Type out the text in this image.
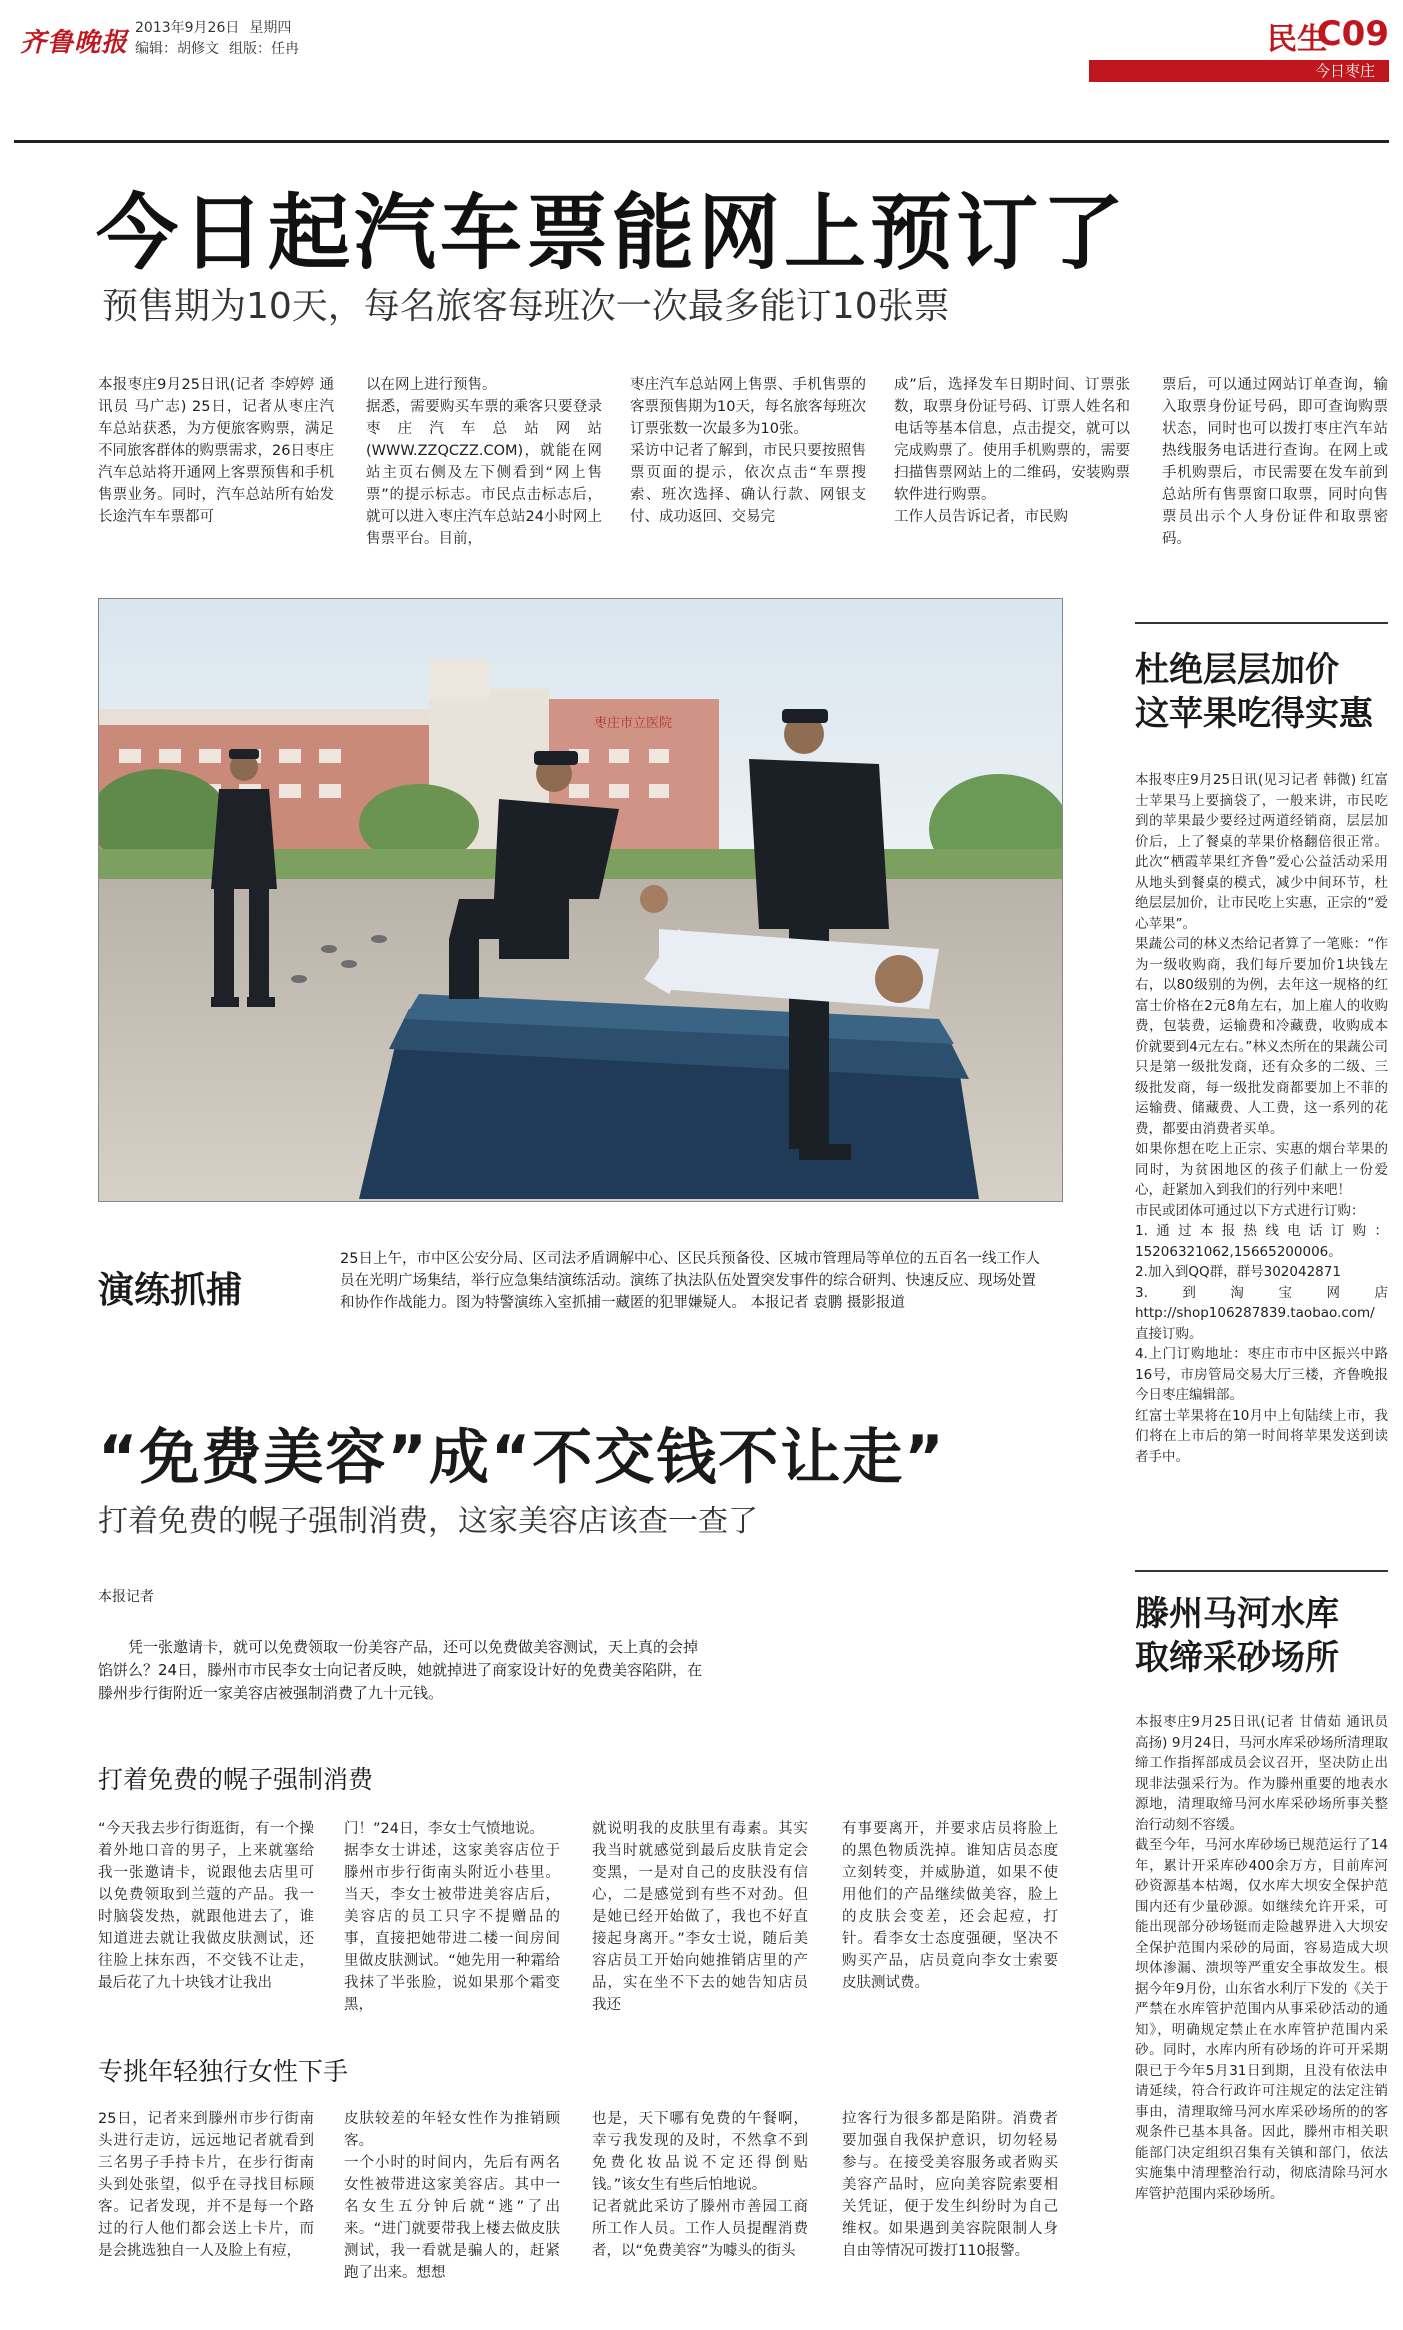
齐鲁晚报 2013年9月26日 星期四
编辑：胡修文 组版：任冉	民生
C09
今日枣庄
今日起汽车票能网上预订了
预售期为10天，每名旅客每班次一次最多能订10张票
本报枣庄9月25日讯(记者 李婷婷 通讯员 马广志) 25日，记者从枣庄汽车总站获悉，为方便旅客购票，满足不同旅客群体的购票需求，26日枣庄汽车总站将开通网上客票预售和手机售票业务。同时，汽车总站所有始发长途汽车车票都可
以在网上进行预售。
据悉，需要购买车票的乘客只要登录枣庄汽车总站网站(WWW.ZZQCZZ.COM)，就能在网站主页右侧及左下侧看到“网上售票”的提示标志。市民点击标志后，就可以进入枣庄汽车总站24小时网上售票平台。目前，
枣庄汽车总站网上售票、手机售票的客票预售期为10天，每名旅客每班次订票张数一次最多为10张。
采访中记者了解到，市民只要按照售票页面的提示，依次点击“车票搜索、班次选择、确认行款、网银支付、成功返回、交易完
成”后，选择发车日期时间、订票张数，取票身份证号码、订票人姓名和电话等基本信息，点击提交，就可以完成购票了。使用手机购票的，需要扫描售票网站上的二维码，安装购票软件进行购票。
工作人员告诉记者，市民购
票后，可以通过网站订单查询，输入取票身份证号码，即可查询购票状态，同时也可以拨打枣庄汽车站热线服务电话进行查询。在网上或手机购票后，市民需要在发车前到总站所有售票窗口取票，同时向售票员出示个人身份证件和取票密码。
枣庄市立医院
演练抓捕
25日上午，市中区公安分局、区司法矛盾调解中心、区民兵预备役、区城市管理局等单位的五百名一线工作人员在光明广场集结，举行应急集结演练活动。演练了执法队伍处置突发事件的综合研判、快速反应、现场处置和协作作战能力。图为特警演练入室抓捕一藏匿的犯罪嫌疑人。 本报记者 袁鹏 摄影报道
“免费美容”成“不交钱不让走”
打着免费的幌子强制消费，这家美容店该查一查了
本报记者
凭一张邀请卡，就可以免费领取一份美容产品，还可以免费做美容测试，天上真的会掉馅饼么？24日，滕州市市民李女士向记者反映，她就掉进了商家设计好的免费美容陷阱，在滕州步行街附近一家美容店被强制消费了九十元钱。
打着免费的幌子强制消费
“今天我去步行街逛街，有一个操着外地口音的男子，上来就塞给我一张邀请卡，说跟他去店里可以免费领取到兰蔻的产品。我一时脑袋发热，就跟他进去了，谁知道进去就让我做皮肤测试，还往脸上抹东西，不交钱不让走，最后花了九十块钱才让我出
门！”24日，李女士气愤地说。
据李女士讲述，这家美容店位于滕州市步行街南头附近小巷里。当天，李女士被带进美容店后，美容店的员工只字不提赠品的事，直接把她带进二楼一间房间里做皮肤测试。“她先用一种霜给我抹了半张脸，说如果那个霜变黑，
就说明我的皮肤里有毒素。其实我当时就感觉到最后皮肤肯定会变黑，一是对自己的皮肤没有信心，二是感觉到有些不对劲。但是她已经开始做了，我也不好直接起身离开。”李女士说，随后美容店员工开始向她推销店里的产品，实在坐不下去的她告知店员我还
有事要离开，并要求店员将脸上的黑色物质洗掉。谁知店员态度立刻转变，并威胁道，如果不使用他们的产品继续做美容，脸上的皮肤会变差，还会起痘，打针。看李女士态度强硬，坚决不购买产品，店员竟向李女士索要皮肤测试费。
专挑年轻独行女性下手
25日，记者来到滕州市步行街南头进行走访，远远地记者就看到三名男子手持卡片，在步行街南头到处张望，似乎在寻找目标顾客。记者发现，并不是每一个路过的行人他们都会送上卡片，而是会挑选独自一人及脸上有痘，
皮肤较差的年轻女性作为推销顾客。
一个小时的时间内，先后有两名女性被带进这家美容店。其中一名女生五分钟后就“逃”了出来。“进门就要带我上楼去做皮肤测试，我一看就是骗人的，赶紧跑了出来。想想
也是，天下哪有免费的午餐啊，幸亏我发现的及时，不然拿不到免费化妆品说不定还得倒贴钱。”该女生有些后怕地说。
记者就此采访了滕州市善园工商所工作人员。工作人员提醒消费者，以“免费美容”为噱头的街头
拉客行为很多都是陷阱。消费者要加强自我保护意识，切勿轻易参与。在接受美容服务或者购买美容产品时，应向美容院索要相关凭证，便于发生纠纷时为自己维权。如果遇到美容院限制人身自由等情况可拨打110报警。
杜绝层层加价
这苹果吃得实惠
本报枣庄9月25日讯(见习记者 韩微) 红富士苹果马上要摘袋了，一般来讲，市民吃到的苹果最少要经过两道经销商，层层加价后，上了餐桌的苹果价格翻倍很正常。此次“栖霞苹果红齐鲁”爱心公益活动采用从地头到餐桌的模式，减少中间环节，杜绝层层加价，让市民吃上实惠，正宗的“爱心苹果”。
果蔬公司的林义杰给记者算了一笔账：“作为一级收购商，我们每斤要加价1块钱左右，以80级别的为例，去年这一规格的红富士价格在2元8角左右，加上雇人的收购费，包装费，运输费和冷藏费，收购成本价就要到4元左右。”林义杰所在的果蔬公司只是第一级批发商，还有众多的二级、三级批发商，每一级批发商都要加上不菲的运输费、储藏费、人工费，这一系列的花费，都要由消费者买单。
如果你想在吃上正宗、实惠的烟台苹果的同时，为贫困地区的孩子们献上一份爱心，赶紧加入到我们的行列中来吧！
市民或团体可通过以下方式进行订购：
1.通过本报热线电话订购：15206321062,15665200006。
2.加入到QQ群，群号302042871
3.到淘宝网店http://shop106287839.taobao.com/直接订购。
4.上门订购地址：枣庄市市中区振兴中路16号，市房管局交易大厅三楼，齐鲁晚报今日枣庄编辑部。
红富士苹果将在10月中上旬陆续上市，我们将在上市后的第一时间将苹果发送到读者手中。
滕州马河水库
取缔采砂场所
本报枣庄9月25日讯(记者 甘倩茹 通讯员 高扬) 9月24日，马河水库采砂场所清理取缔工作指挥部成员会议召开，坚决防止出现非法强采行为。作为滕州重要的地表水源地，清理取缔马河水库采砂场所事关整治行动刻不容缓。
截至今年，马河水库砂场已规范运行了14年，累计开采库砂400余万方，目前库河砂资源基本枯竭，仅水库大坝安全保护范围内还有少量砂源。如继续允许开采，可能出现部分砂场铤而走险越界进入大坝安全保护范围内采砂的局面，容易造成大坝坝体渗漏、溃坝等严重安全事故发生。根据今年9月份，山东省水利厅下发的《关于严禁在水库管护范围内从事采砂活动的通知》，明确规定禁止在水库管护范围内采砂。同时，水库内所有砂场的许可开采期限已于今年5月31日到期，且没有依法申请延续，符合行政许可注规定的法定注销事由，清理取缔马河水库采砂场所的的客观条件已基本具备。因此，滕州市相关职能部门决定组织召集有关镇和部门，依法实施集中清理整治行动，彻底清除马河水库管护范围内采砂场所。
